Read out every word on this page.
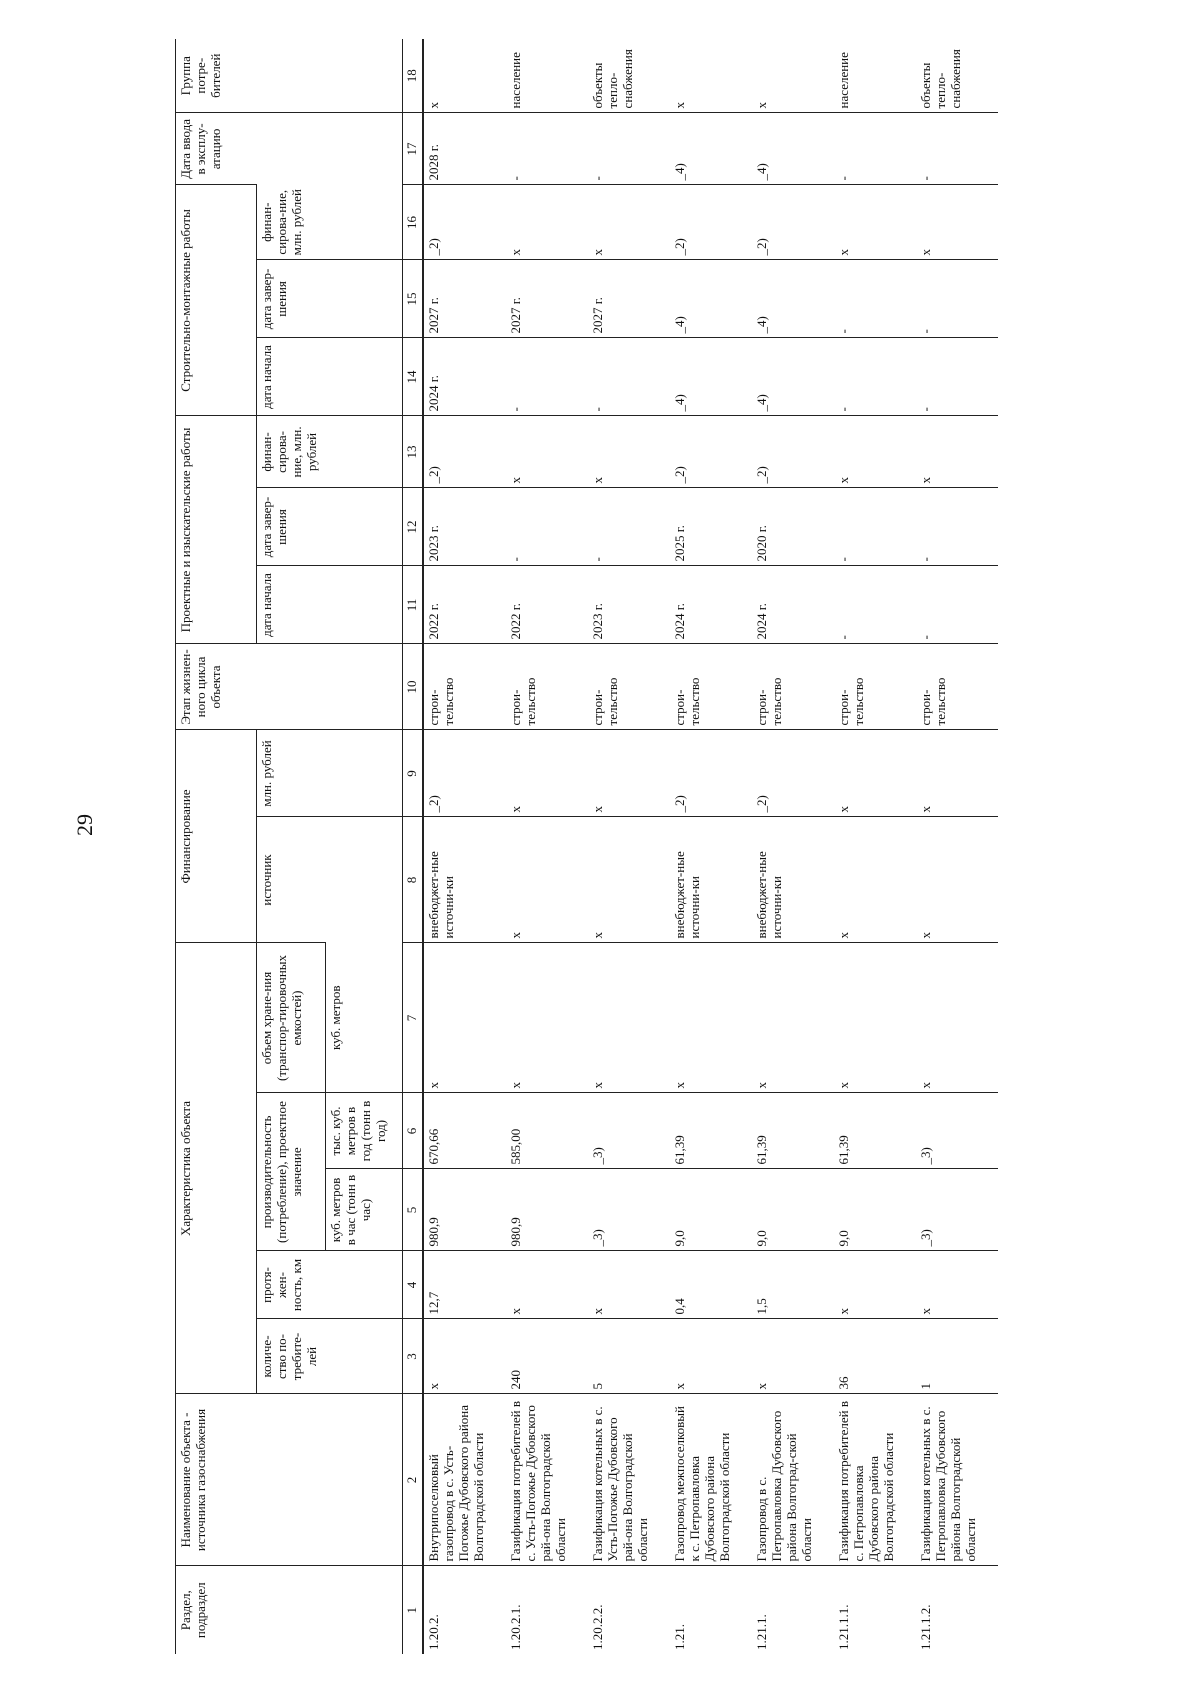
29
Раздел, подраздел	Наименование объекта - источника газоснабжения	Характеристика объекта					Финансирование		Этап жизнен-ного цикла объекта	Проектные и изыскательские работы			Строительно-монтажные работы			Дата ввода в эксплу-атацию	Группа потре-бителей
		количе-ство по-требите-лей	протя-жен-ность, км	производительность (потребление), проектное значение		объем хране-ния (транспор-тировочных емкостей)	источник	млн. рублей		дата начала	дата завер-шения	финан-сирова-ние, млн. рублей	дата начала	дата завер-шения	финан-сирова-ние, млн. рублей		
				куб. метров в час (тонн в час)	тыс. куб. метров в год (тонн в год)	куб. метров											
1	2	3	4	5	6	7	8	9	10	11	12	13	14	15	16	17	18
1.20.2.	Внутрипоселковый газопровод в с. Усть-Погожье Дубовского района Волгоградской области	х	12,7	980,9	670,66	х	внебюджет-ные источни-ки	_2)	строи-тельство	2022 г.	2023 г.	_2)	2024 г.	2027 г.	_2)	2028 г.	х
1.20.2.1.	Газификация потребителей в с. Усть-Погожье Дубовского рай-она Волгоградской области	240	х	980,9	585,00	х	х	х	строи-тельство	2022 г.	-	х	-	2027 г.	х	-	население
1.20.2.2.	Газификация котельных в с. Усть-Погожье Дубовского рай-она Волгоградской области	5	х	_3)	_3)	х	х	х	строи-тельство	2023 г.	-	х	-	2027 г.	х	-	объекты тепло-снабжения
1.21.	Газопровод межпоселковый к с. Петропавловка Дубовского района Волгоградской области	х	0,4	9,0	61,39	х	внебюджет-ные источни-ки	_2)	строи-тельство	2024 г.	2025 г.	_2)	_4)	_4)	_2)	_4)	х
1.21.1.	Газопровод в с. Петропавловка Дубовского района Волгоград-ской области	х	1,5	9,0	61,39	х	внебюджет-ные источни-ки	_2)	строи-тельство	2024 г.	2020 г.	_2)	_4)	_4)	_2)	_4)	х
1.21.1.1.	Газификация потребителей в с. Петропавловка Дубовского района Волгоградской области	36	х	9,0	61,39	х	х	х	строи-тельство	-	-	х	-	-	х	-	население
1.21.1.2.	Газификация котельных в с. Петропавловка Дубовского района Волгоградской области	1	х	_3)	_3)	х	х	х	строи-тельство	-	-	х	-	-	х	-	объекты тепло-снабжения
